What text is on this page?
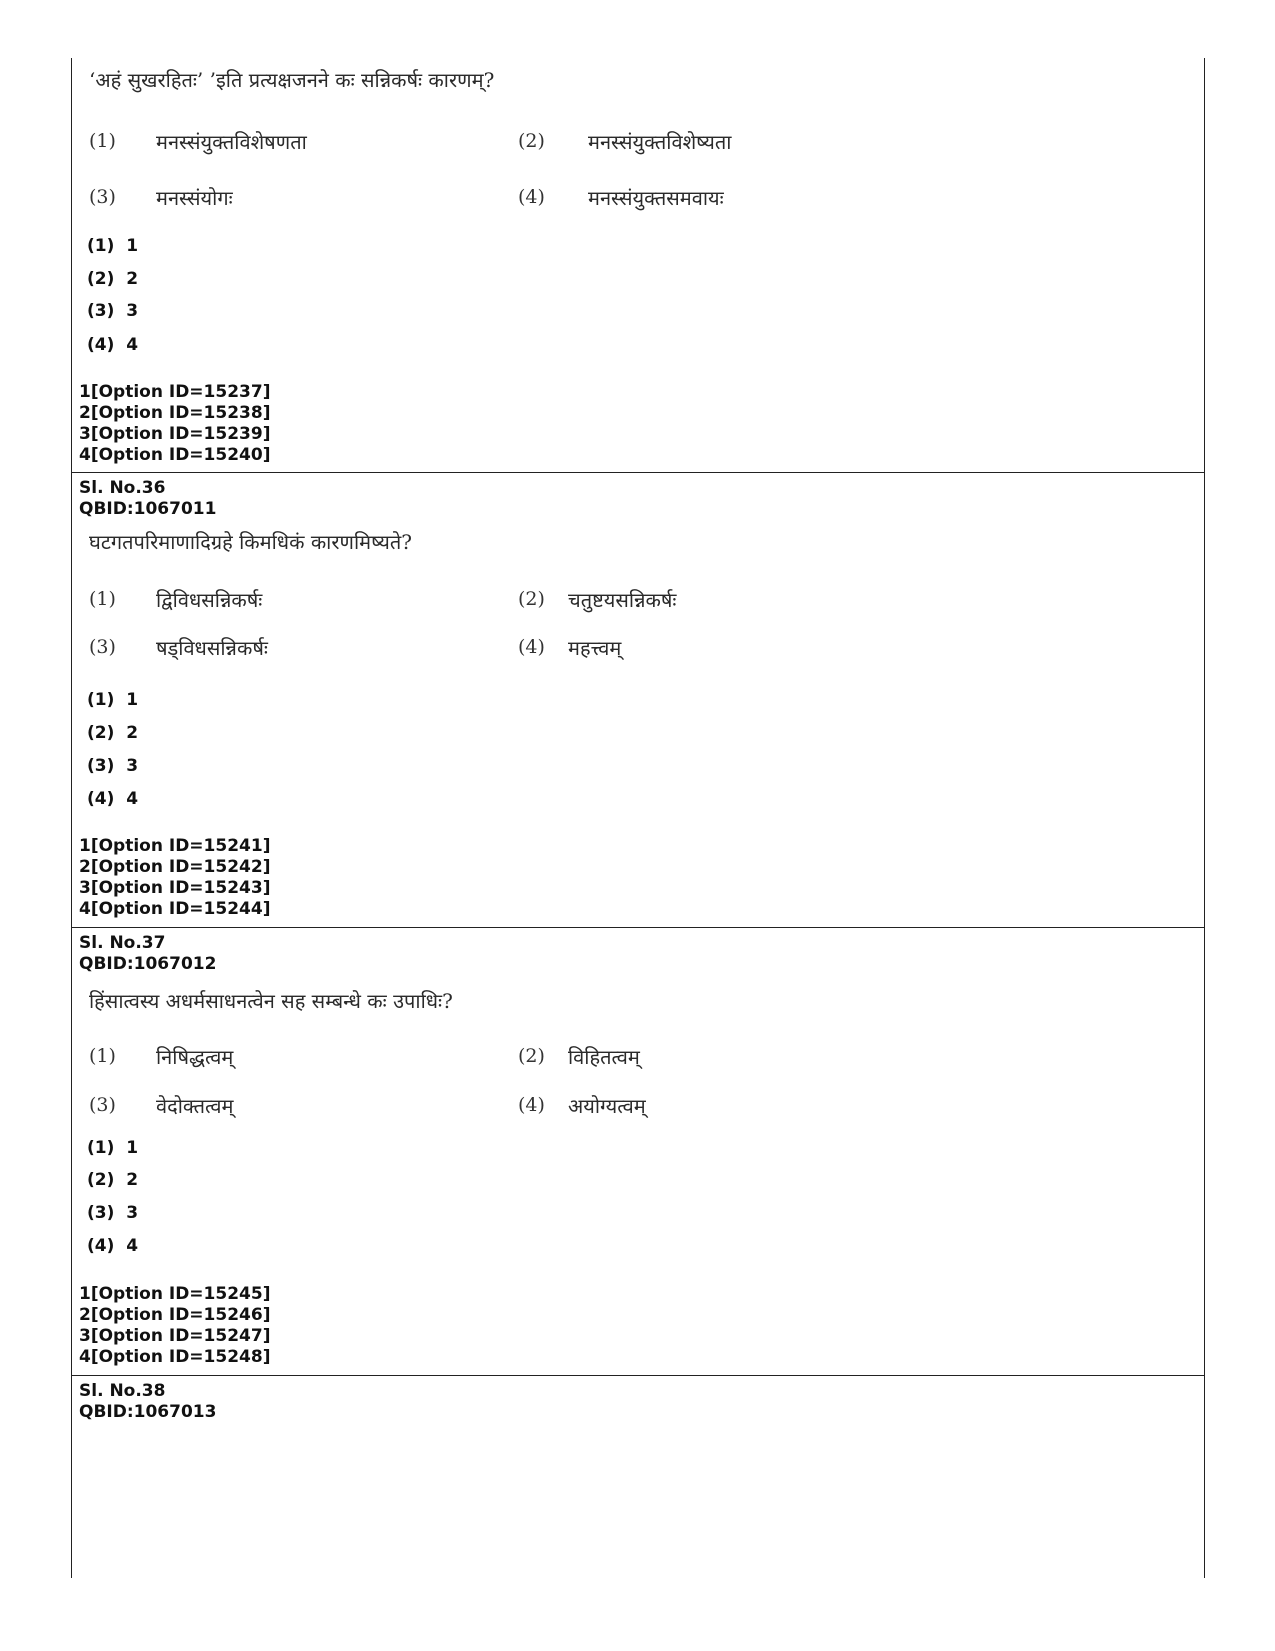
‘अहं सुखरहितः’ ’इति प्रत्यक्षजनने कः सन्निकर्षः कारणम्?
(1) मनस्संयुक्तविशेषणता	(2) मनस्संयुक्तविशेष्यता
(3) मनस्संयोगः	(4) मनस्संयुक्तसमवायः
(1)  1
(2)  2
(3)  3
(4)  4
1[Option ID=15237]
2[Option ID=15238]
3[Option ID=15239]
4[Option ID=15240]
Sl. No.36
QBID:1067011
घटगतपरिमाणादिग्रहे किमधिकं कारणमिष्यते?
(1) द्विविधसन्निकर्षः	(2) चतुष्टयसन्निकर्षः
(3) षड्विधसन्निकर्षः	(4) महत्त्वम्
(1)  1
(2)  2
(3)  3
(4)  4
1[Option ID=15241]
2[Option ID=15242]
3[Option ID=15243]
4[Option ID=15244]
Sl. No.37
QBID:1067012
हिंसात्वस्य अधर्मसाधनत्वेन सह सम्बन्धे कः उपाधिः?
(1) निषिद्धत्वम्	(2) विहितत्वम्
(3) वेदोक्तत्वम्	(4) अयोग्यत्वम्
(1)  1
(2)  2
(3)  3
(4)  4
1[Option ID=15245]
2[Option ID=15246]
3[Option ID=15247]
4[Option ID=15248]
Sl. No.38
QBID:1067013
